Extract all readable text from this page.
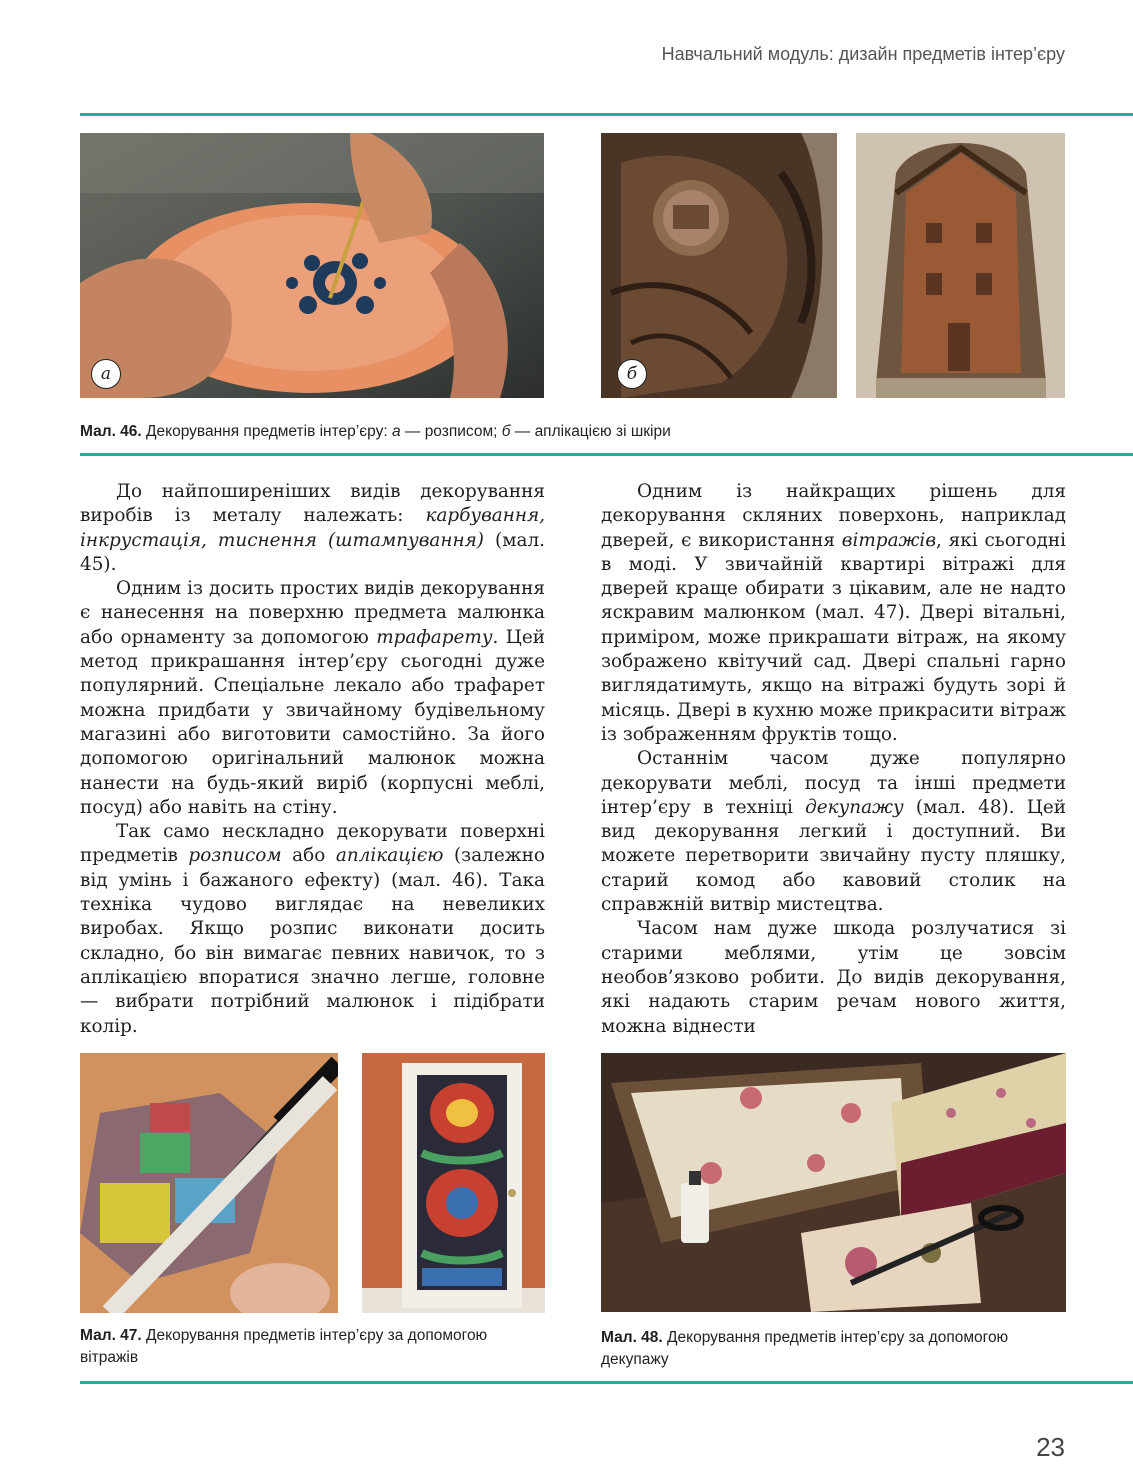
Навчальний модуль: дизайн предметів інтер’єру
а	б
Мал. 46. Декорування предметів інтер’єру: а — розписом; б — аплікацією зі шкіри

До найпоширеніших видів декорування виробів із металу належать: карбування, інкрустація, тиснення (штампування) (мал. 45).

Одним із досить простих видів декорування є нанесення на поверхню предмета малюнка або орнаменту за допомогою трафарету. Цей метод прикрашання інтер’єру сьогодні дуже популярний. Спеціальне лекало або трафарет можна придбати у звичайному будівельному магазині або виготовити самостійно. За його допомогою оригінальний малюнок можна нанести на будь-який виріб (корпусні меблі, посуд) або навіть на стіну.

Так само нескладно декорувати поверхні предметів розписом або аплікацією (залежно від умінь і бажаного ефекту) (мал. 46). Така техніка чудово виглядає на невеликих виробах. Якщо розпис виконати досить складно, бо він вимагає певних навичок, то з аплікацією впоратися значно легше, головне — вибрати потрібний малюнок і підібрати колір.

Одним із найкращих рішень для декорування скляних поверхонь, наприклад дверей, є використання вітражів, які сьогодні в моді. У звичайній квартирі вітражі для дверей краще обирати з цікавим, але не надто яскравим малюнком (мал. 47). Двері вітальні, приміром, може прикрашати вітраж, на якому зображено квітучий сад. Двері спальні гарно виглядатимуть, якщо на вітражі будуть зорі й місяць. Двері в кухню може прикрасити вітраж із зображенням фруктів тощо.

Останнім часом дуже популярно декорувати меблі, посуд та інші предмети інтер’єру в техніці декупажу (мал. 48). Цей вид декорування легкий і доступний. Ви можете перетворити звичайну пусту пляшку, старий комод або кавовий столик на справжній витвір мистецтва.

Часом нам дуже шкода розлучатися зі старими меблями, утім це зовсім необов’язково робити. До видів декорування, які надають старим речам нового життя, можна віднести

Мал. 47. Декорування предметів інтер’єру за допомогою вітражів
Мал. 48. Декорування предметів інтер’єру за допомогою декупажу
23
